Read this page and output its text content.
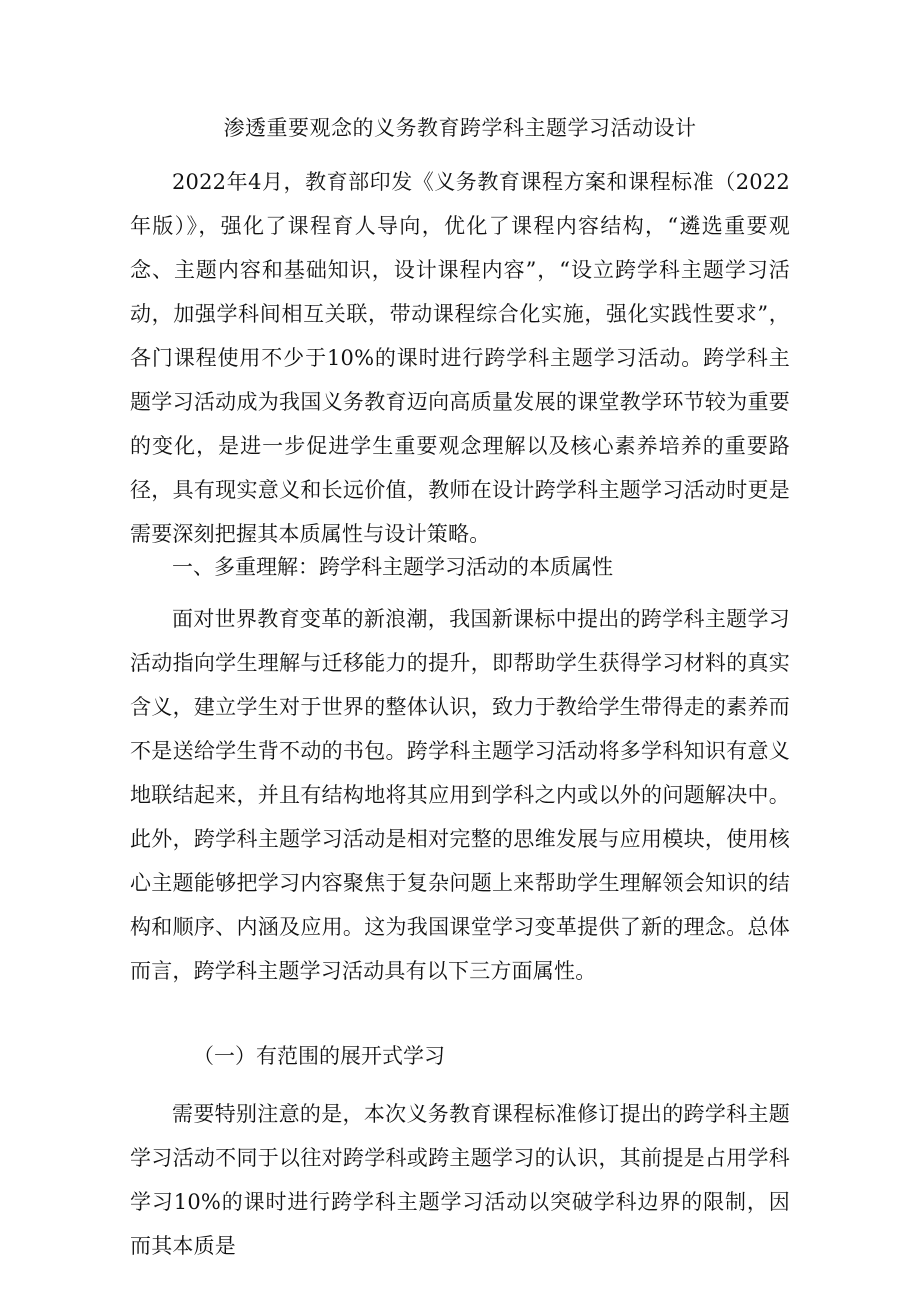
渗透重要观念的义务教育跨学科主题学习活动设计

2022年4月，教育部印发《义务教育课程方案和课程标准（2022年版）》，强化了课程育人导向，优化了课程内容结构，“遴选重要观念、主题内容和基础知识，设计课程内容”，“设立跨学科主题学习活动，加强学科间相互关联，带动课程综合化实施，强化实践性要求”，各门课程使用不少于10%的课时进行跨学科主题学习活动。跨学科主题学习活动成为我国义务教育迈向高质量发展的课堂教学环节较为重要的变化，是进一步促进学生重要观念理解以及核心素养培养的重要路径，具有现实意义和长远价值，教师在设计跨学科主题学习活动时更是需要深刻把握其本质属性与设计策略。

一、多重理解：跨学科主题学习活动的本质属性

面对世界教育变革的新浪潮，我国新课标中提出的跨学科主题学习活动指向学生理解与迁移能力的提升，即帮助学生获得学习材料的真实含义，建立学生对于世界的整体认识，致力于教给学生带得走的素养而不是送给学生背不动的书包。跨学科主题学习活动将多学科知识有意义地联结起来，并且有结构地将其应用到学科之内或以外的问题解决中。此外，跨学科主题学习活动是相对完整的思维发展与应用模块，使用核心主题能够把学习内容聚焦于复杂问题上来帮助学生理解领会知识的结构和顺序、内涵及应用。这为我国课堂学习变革提供了新的理念。总体而言，跨学科主题学习活动具有以下三方面属性。

（一）有范围的展开式学习

需要特别注意的是，本次义务教育课程标准修订提出的跨学科主题学习活动不同于以往对跨学科或跨主题学习的认识，其前提是占用学科学习10%的课时进行跨学科主题学习活动以突破学科边界的限制，因而其本质是
